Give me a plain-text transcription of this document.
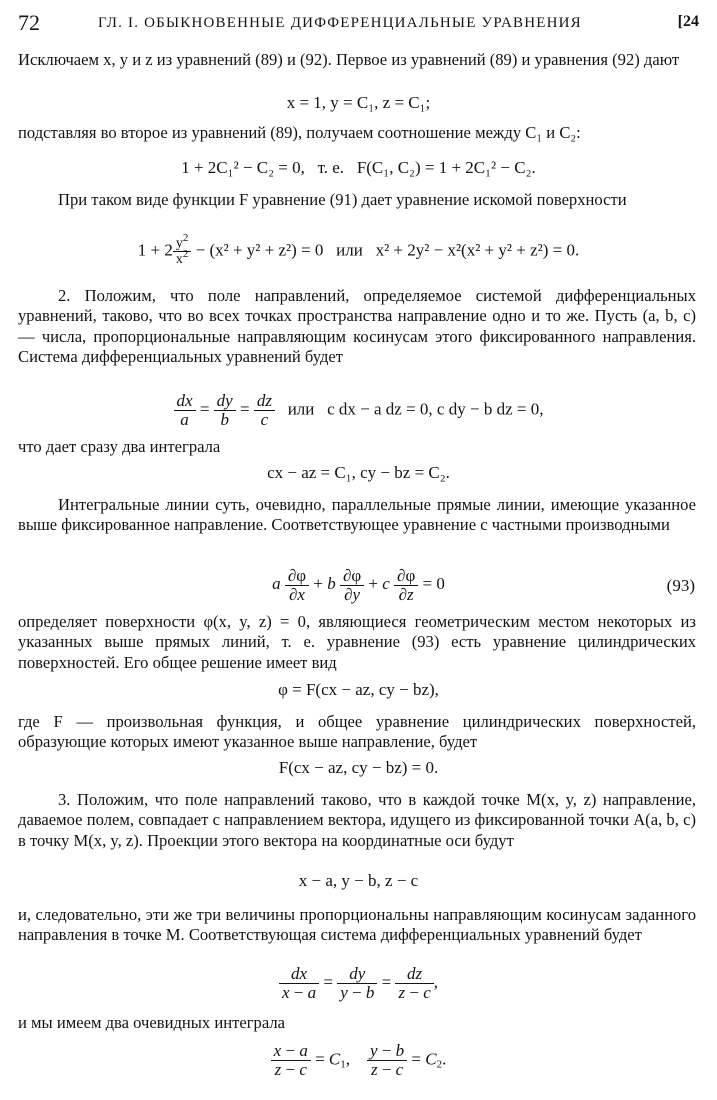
72	ГЛ. I. ОБЫКНОВЕННЫЕ ДИФФЕРЕНЦИАЛЬНЫЕ УРАВНЕНИЯ	[24

Исключаем x, y и z из уравнений (89) и (92). Первое из уравнений (89) и уравнения (92) дают

x = 1, y = C₁, z = C₁;

подставляя во второе из уравнений (89), получаем соотношение между C₁ и C₂:

1 + 2C₁² − C₂ = 0, т. е. F(C₁, C₂) = 1 + 2C₁² − C₂.

При таком виде функции F уравнение (91) дает уравнение искомой поверхности

$1 + 2 \frac{y^2}{x^2} - (x^2 + y^2 + z^2) = 0$ или x² + 2y² − x²(x² + y² + z²) = 0.

2. Положим, что поле направлений, определяемое системой дифференциальных уравнений, таково, что во всех точках пространства направление одно и то же. Пусть (a, b, c) — числа, пропорциональные направляющим косинусам этого фиксированного направления. Система дифференциальных уравнений будет

$\frac{dx}{a} = \frac{dy}{b} = \frac{dz}{c}$ или c dx − a dz = 0, c dy − b dz = 0,

что дает сразу два интеграла

cx − az = C₁, cy − bz = C₂.

Интегральные линии суть, очевидно, параллельные прямые линии, имеющие указанное выше фиксированное направление. Соответствующее уравнение с частными производными

a $\frac{\partial\varphi}{\partial x} + b \frac{\partial\varphi}{\partial y} + c \frac{\partial\varphi}{\partial z} = 0$	(93)

определяет поверхности φ(x, y, z) = 0, являющиеся геометрическим местом некоторых из указанных выше прямых линий, т. е. уравнение (93) есть уравнение цилиндрических поверхностей. Его общее решение имеет вид

φ = F(cx − az, cy − bz),

где F — произвольная функция, и общее уравнение цилиндрических поверхностей, образующие которых имеют указанное выше направление, будет

F(cx − az, cy − bz) = 0.

3. Положим, что поле направлений таково, что в каждой точке M(x, y, z) направление, даваемое полем, совпадает с направлением вектора, идущего из фиксированной точки A(a, b, c) в точку M(x, y, z). Проекции этого вектора на координатные оси будут

x − a, y − b, z − c

и, следовательно, эти же три величины пропорциональны направляющим косинусам заданного направления в точке M. Соответствующая система дифференциальных уравнений будет

$\frac{dx}{x - a} = \frac{dy}{y - b} = \frac{dz}{z - c}$ ,

и мы имеем два очевидных интеграла

$\frac{x - a}{z - c} = C_1$, $\frac{y - b}{z - c} = C_2$.
